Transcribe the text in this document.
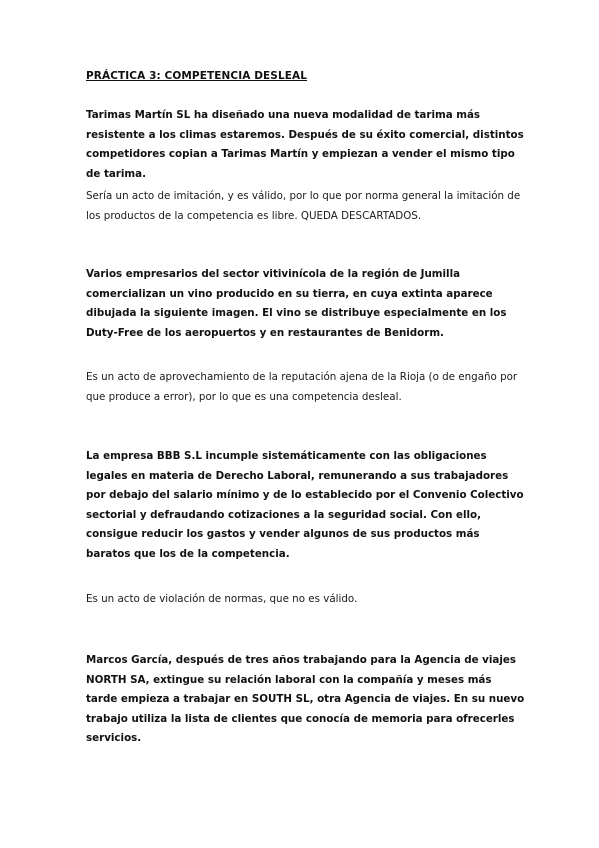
PRÁCTICA 3: COMPETENCIA DESLEAL

Tarimas Martín SL ha diseñado una nueva modalidad de tarima más resistente a los climas estaremos. Después de su éxito comercial, distintos competidores copian a Tarimas Martín y empiezan a vender el mismo tipo de tarima.

Sería un acto de imitación, y es válido, por lo que por norma general la imitación de los productos de la competencia es libre. QUEDA DESCARTADOS.

Varios empresarios del sector vitivinícola de la región de Jumilla comercializan un vino producido en su tierra, en cuya extinta aparece dibujada la siguiente imagen. El vino se distribuye especialmente en los Duty-Free de los aeropuertos y en restaurantes de Benidorm.

Es un acto de aprovechamiento de la reputación ajena de la Rioja (o de engaño por que produce a error), por lo que es una competencia desleal.

La empresa BBB S.L incumple sistemáticamente con las obligaciones legales en materia de Derecho Laboral, remunerando a sus trabajadores por debajo del salario mínimo y de lo establecido por el Convenio Colectivo sectorial y defraudando cotizaciones a la seguridad social. Con ello, consigue reducir los gastos y vender algunos de sus productos más baratos que los de la competencia.

Es un acto de violación de normas, que no es válido.

Marcos García, después de tres años trabajando para la Agencia de viajes NORTH SA, extingue su relación laboral con la compañía y meses más tarde empieza a trabajar en SOUTH SL, otra Agencia de viajes. En su nuevo trabajo utiliza la lista de clientes que conocía de memoria para ofrecerles servicios.
